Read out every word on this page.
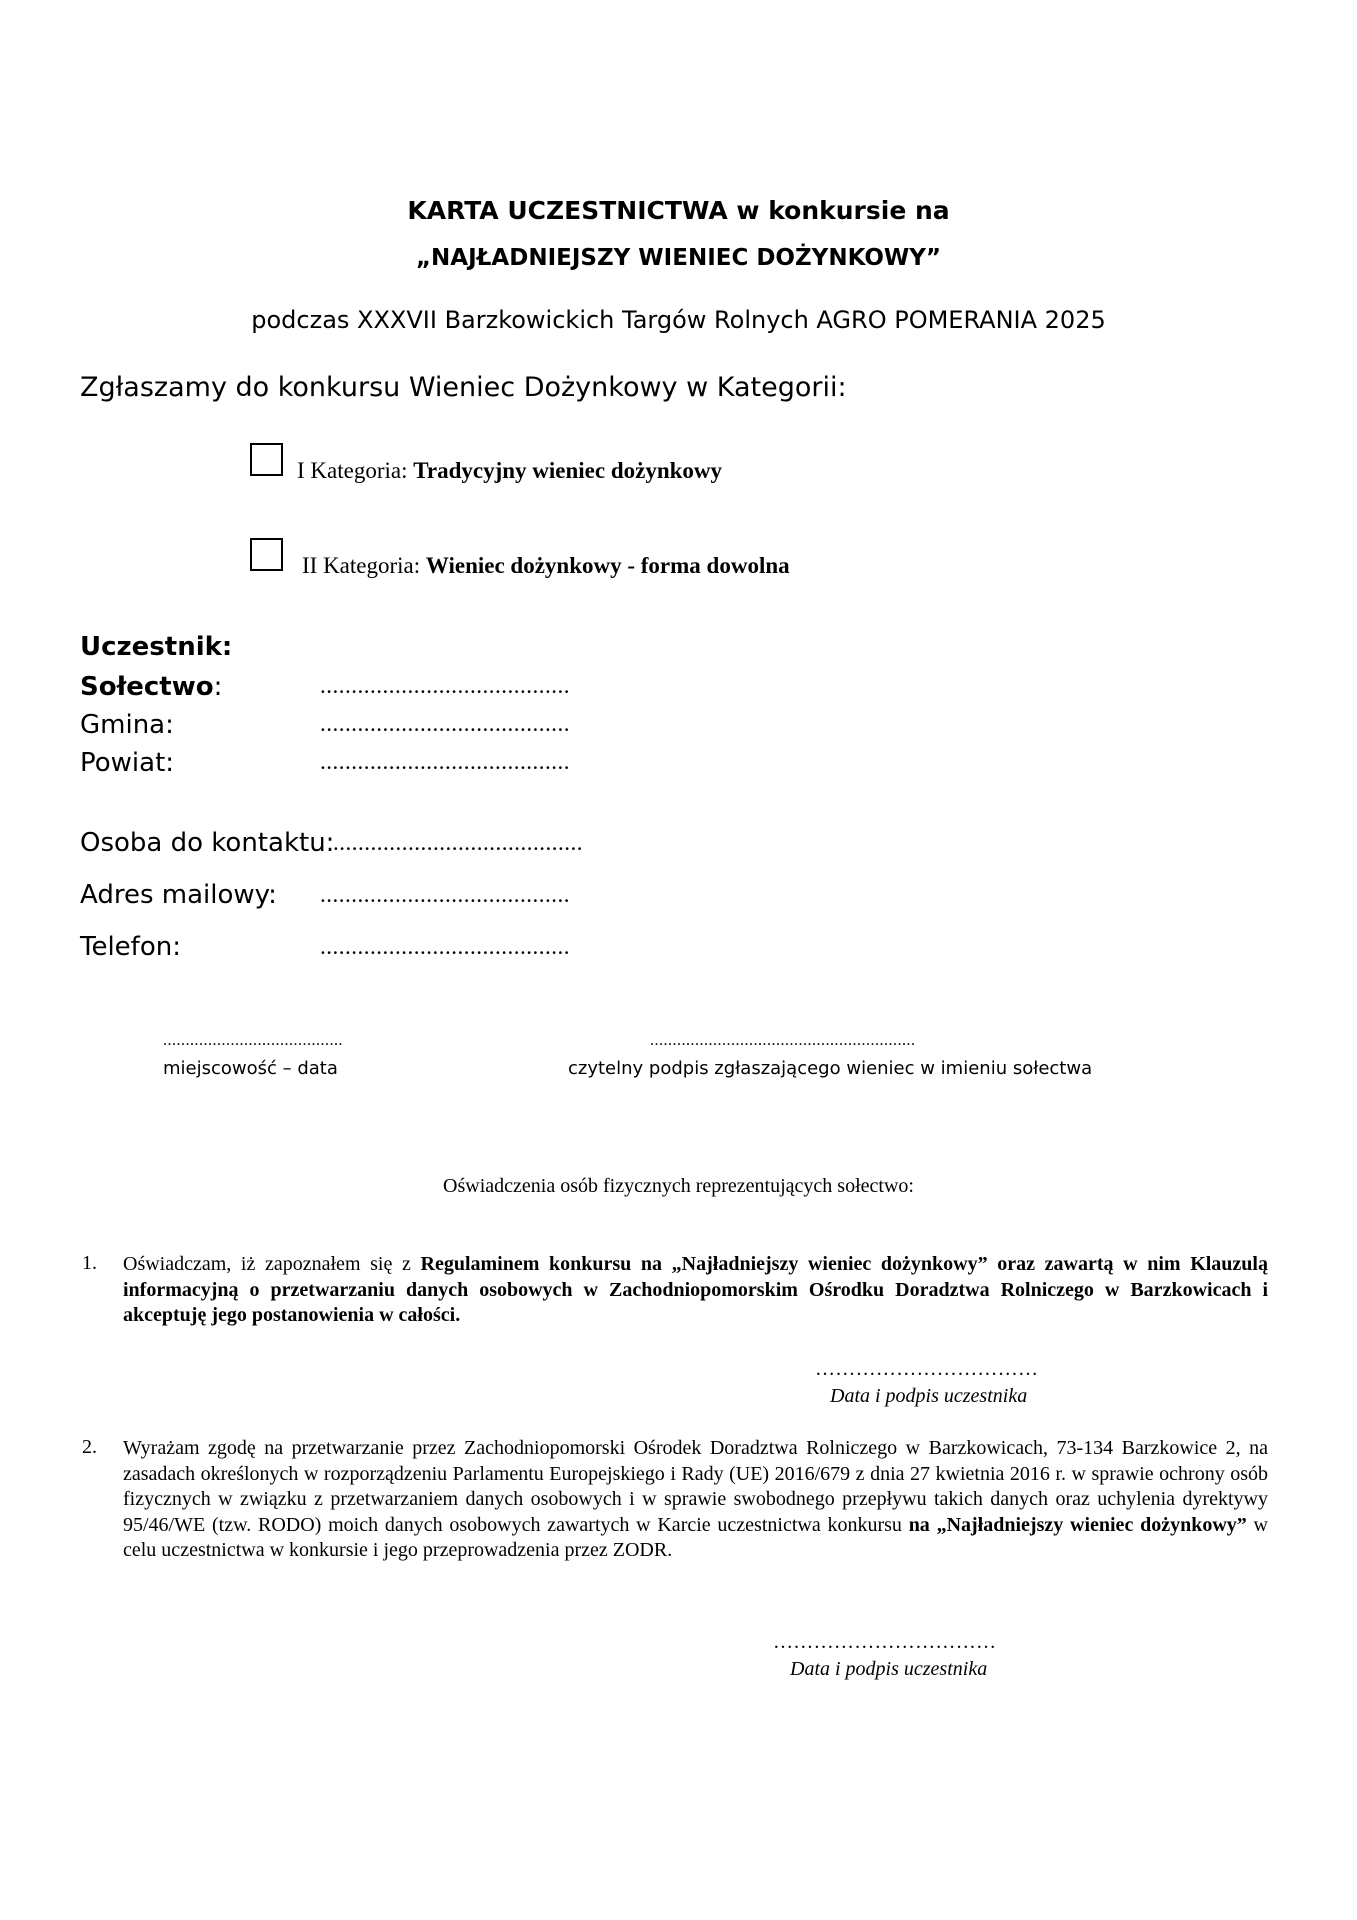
KARTA UCZESTNICTWA w konkursie na
„NAJŁADNIEJSZY WIENIEC DOŻYNKOWY”
podczas XXXVII Barzkowickich Targów Rolnych AGRO POMERANIA 2025
Zgłaszamy do konkursu Wieniec Dożynkowy w Kategorii:
I Kategoria: Tradycyjny wieniec dożynkowy
II Kategoria: Wieniec dożynkowy - forma dowolna
Uczestnik:
Sołectwo:	........................................
Gmina:	........................................
Powiat:	........................................
Osoba do kontaktu:
........................................
Adres mailowy: ........................................
Telefon:	........................................
........................................
miejscowość – data
...........................................................
czytelny podpis zgłaszającego wieniec w imieniu sołectwa
Oświadczenia osób fizycznych reprezentujących sołectwo:
1. Oświadczam, iż zapoznałem się z Regulaminem konkursu na „Najładniejszy wieniec dożynkowy” oraz zawartą w nim Klauzulą informacyjną o przetwarzaniu danych osobowych w Zachodniopomorskim Ośrodku Doradztwa Rolniczego w Barzkowicach i akceptuję jego postanowienia w całości.
……………………………
Data i podpis uczestnika
2. Wyrażam zgodę na przetwarzanie przez Zachodniopomorski Ośrodek Doradztwa Rolniczego w Barzkowicach, 73-134 Barzkowice 2, na zasadach określonych w rozporządzeniu Parlamentu Europejskiego i Rady (UE) 2016/679 z dnia 27 kwietnia 2016 r. w sprawie ochrony osób fizycznych w związku z przetwarzaniem danych osobowych i w sprawie swobodnego przepływu takich danych oraz uchylenia dyrektywy 95/46/WE (tzw. RODO) moich danych osobowych zawartych w Karcie uczestnictwa konkursu na „Najładniejszy wieniec dożynkowy” w celu uczestnictwa w konkursie i jego przeprowadzenia przez ZODR.
……………………………
Data i podpis uczestnika
